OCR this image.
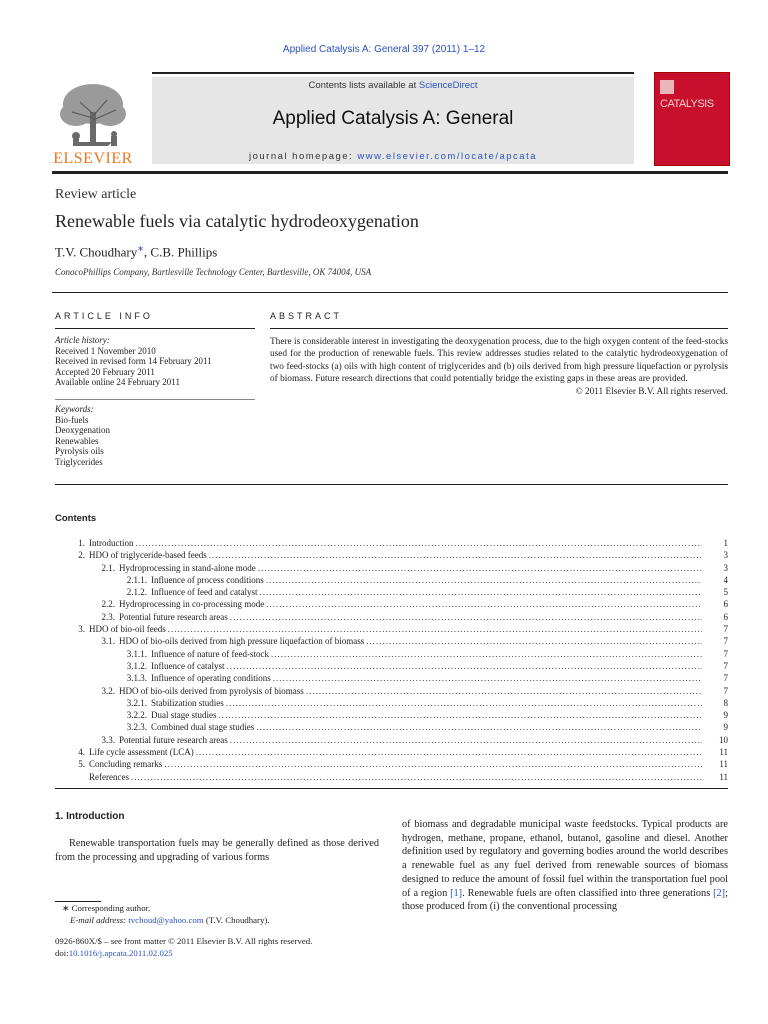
Applied Catalysis A: General 397 (2011) 1–12
ELSEVIER
Contents lists available at ScienceDirect
Applied Catalysis A: General
journal homepage: www.elsevier.com/locate/apcata
CATALYSIS
Review article
Renewable fuels via catalytic hydrodeoxygenation
T.V. Choudhary∗, C.B. Phillips
ConocoPhillips Company, Bartlesville Technology Center, Bartlesville, OK 74004, USA
ARTICLE INFO
Article history:
Received 1 November 2010
Received in revised form 14 February 2011
Accepted 20 February 2011
Available online 24 February 2011
Keywords:
Bio-fuels
Deoxygenation
Renewables
Pyrolysis oils
Triglycerides
ABSTRACT
There is considerable interest in investigating the deoxygenation process, due to the high oxygen content of the feed-stocks used for the production of renewable fuels. This review addresses studies related to the catalytic hydrodeoxygenation of two feed-stocks (a) oils with high content of triglycerides and (b) oils derived from high pressure liquefaction or pyrolysis of biomass. Future research directions that could potentially bridge the existing gaps in these areas are provided.
© 2011 Elsevier B.V. All rights reserved.
Contents
1. Introduction .....	1
2. HDO of triglyceride-based feeds .....	3
2.1. Hydroprocessing in stand-alone mode .....	3
2.1.1. Influence of process conditions .....	4
2.1.2. Influence of feed and catalyst .....	5
2.2. Hydroprocessing in co-processing mode .....	6
2.3. Potential future research areas .....	6
3. HDO of bio-oil feeds .....	7
3.1. HDO of bio-oils derived from high pressure liquefaction of biomass .....	7
3.1.1. Influence of nature of feed-stock .....	7
3.1.2. Influence of catalyst .....	7
3.1.3. Influence of operating conditions .....	7
3.2. HDO of bio-oils derived from pyrolysis of biomass .....	7
3.2.1. Stabilization studies .....	8
3.2.2. Dual stage studies .....	9
3.2.3. Combined dual stage studies .....	9
3.3. Potential future research areas .....	10
4. Life cycle assessment (LCA) .....	11
5. Concluding remarks .....	11
References .....	11
1. Introduction
Renewable transportation fuels may be generally defined as those derived from the processing and upgrading of various forms
of biomass and degradable municipal waste feedstocks. Typical products are hydrogen, methane, propane, ethanol, butanol, gasoline and diesel. Another definition used by regulatory and governing bodies around the world describes a renewable fuel as any fuel derived from renewable sources of biomass designed to reduce the amount of fossil fuel within the transportation fuel pool of a region [1]. Renewable fuels are often classified into three generations [2]; those produced from (i) the conventional processing
∗ Corresponding author.
E-mail address: tvchoud@yahoo.com (T.V. Choudhary).
0926-860X/$ – see front matter © 2011 Elsevier B.V. All rights reserved.
doi:10.1016/j.apcata.2011.02.025
